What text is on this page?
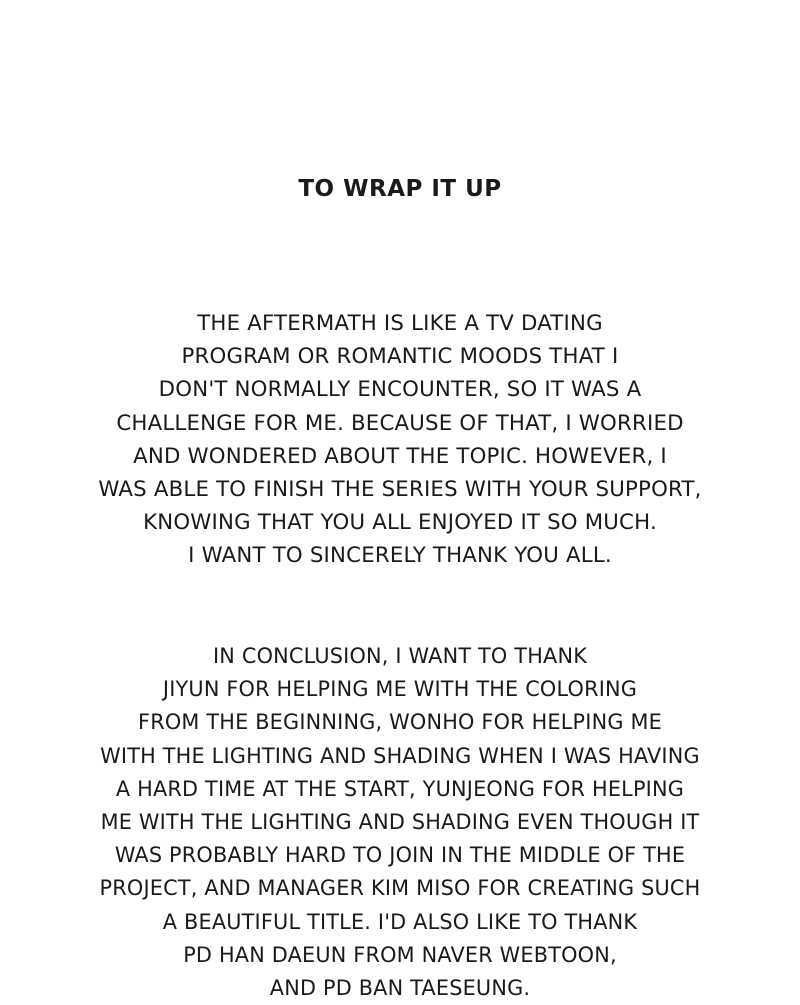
TO WRAP IT UP

THE AFTERMATH IS LIKE A TV DATING
PROGRAM OR ROMANTIC MOODS THAT I
DON'T NORMALLY ENCOUNTER, SO IT WAS A
CHALLENGE FOR ME. BECAUSE OF THAT, I WORRIED
AND WONDERED ABOUT THE TOPIC. HOWEVER, I
WAS ABLE TO FINISH THE SERIES WITH YOUR SUPPORT,
KNOWING THAT YOU ALL ENJOYED IT SO MUCH.
I WANT TO SINCERELY THANK YOU ALL.

IN CONCLUSION, I WANT TO THANK
JIYUN FOR HELPING ME WITH THE COLORING
FROM THE BEGINNING, WONHO FOR HELPING ME
WITH THE LIGHTING AND SHADING WHEN I WAS HAVING
A HARD TIME AT THE START, YUNJEONG FOR HELPING
ME WITH THE LIGHTING AND SHADING EVEN THOUGH IT
WAS PROBABLY HARD TO JOIN IN THE MIDDLE OF THE
PROJECT, AND MANAGER KIM MISO FOR CREATING SUCH
A BEAUTIFUL TITLE. I'D ALSO LIKE TO THANK
PD HAN DAEUN FROM NAVER WEBTOON,
AND PD BAN TAESEUNG.
